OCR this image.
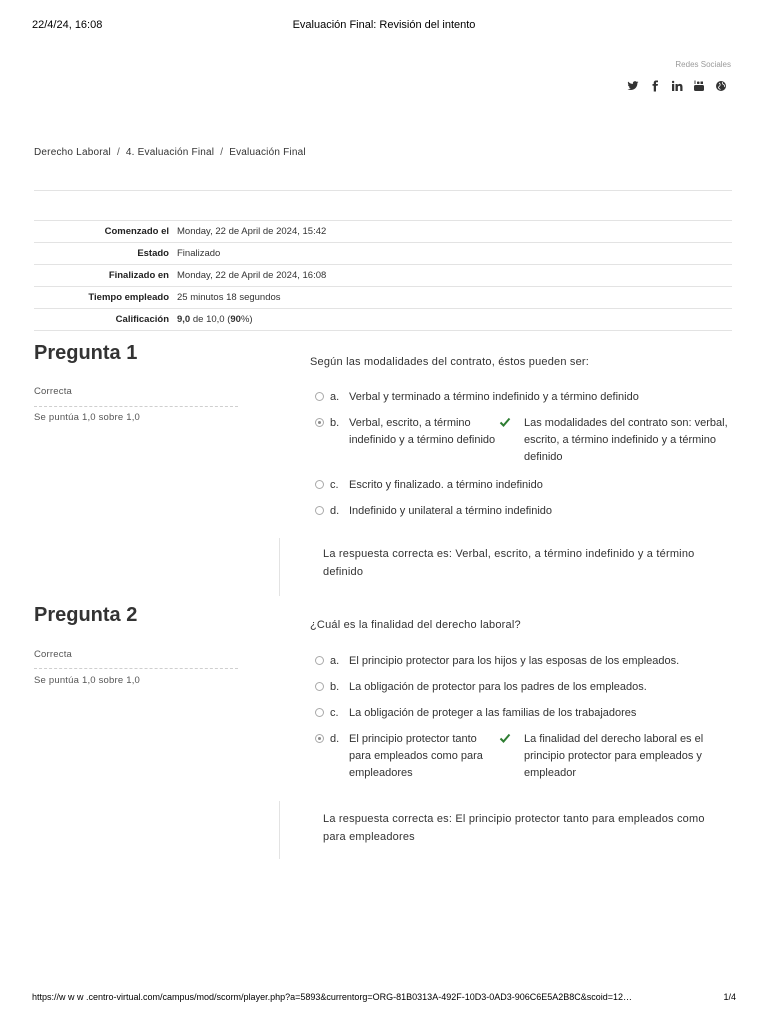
22/4/24, 16:08	Evaluación Final: Revisión del intento
Redes Sociales
Derecho Laboral / 4. Evaluación Final / Evaluación Final
Comenzado el	Monday, 22 de April de 2024, 15:42
Estado	Finalizado
Finalizado en	Monday, 22 de April de 2024, 16:08
Tiempo empleado	25 minutos 18 segundos
Calificación	9,0 de 10,0 (90%)
Pregunta 1
Correcta
Se puntúa 1,0 sobre 1,0
Según las modalidades del contrato, éstos pueden ser:
a. Verbal y terminado a término indefinido y a término definido
b. Verbal, escrito, a término indefinido y a término definido
Las modalidades del contrato son: verbal, escrito, a término indefinido y a término definido
c. Escrito y finalizado. a término indefinido
d. Indefinido y unilateral a término indefinido
La respuesta correcta es: Verbal, escrito, a término indefinido y a término definido
Pregunta 2
Correcta
Se puntúa 1,0 sobre 1,0
¿Cuál es la finalidad del derecho laboral?
a. El principio protector para los hijos y las esposas de los empleados.
b. La obligación de protector para los padres de los empleados.
c. La obligación de proteger a las familias de los trabajadores
d. El principio protector tanto para empleados como para empleadores
La finalidad del derecho laboral es el principio protector para empleados y empleador
La respuesta correcta es: El principio protector tanto para empleados como para empleadores
https://w w w .centro-virtual.com/campus/mod/scorm/player.php?a=5893&currentorg=ORG-81B0313A-492F-10D3-0AD3-906C6E5A2B8C&scoid=12…	1/4
